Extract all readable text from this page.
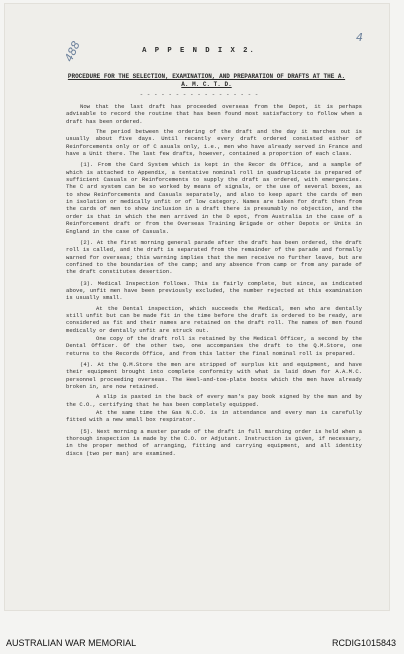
488
4
A P P E N D I X 2.
PROCEDURE FOR THE SELECTION, EXAMINATION, AND PREPARATION OF DRAFTS AT THE A. A. M. C. T. D.
- - - - - - - - - - - - - - - - -

Now that the last draft has proceeded overseas from the Depot, it is perhaps advisable to record the routine that has been found most satisfactory to follow when a draft has been ordered.

The period between the ordering of the draft and the day it marches out is usually about five days. Until recently every draft ordered consisted either of Reinforcements only or of C asuals only, i.e., men who have already served in France and have a Unit there. The last few drafts, however, contained a proportion of each class.

(1). From the Card System which is kept in the Recor ds Office, and a sample of which is attached to Appendix, a tentative nominal roll in quadruplicate is prepared of sufficient Casuals or Reinforcements to supply the draft as ordered, with emergencies. The C ard system can be so worked by means of signals, or the use of several boxes, as to show Reinforcements and Casuals separately, and also to keep apart the cards of men in isolation or medically unfit or of low category. Names are taken for draft then from the cards of men to show inclusion in a draft there is presumably no objection, and the order is that in which the men arrived in the D epot, from Australia in the case of a Reinforcement draft or from the Overseas Training Brigade or other Depots or Units in England in the case of Casuals.

(2). At the first morning general parade after the draft has been ordered, the draft roll is called, and the draft is separated from the remainder of the parade and formally warned for overseas; this warning implies that the men receive no further leave, but are confined to the boundaries of the camp; and any absence from camp or from any parade of the draft constitutes desertion.

(3). Medical Inspection follows. This is fairly complete, but since, as indicated above, unfit men have been previously excluded, the number rejected at this examination is usually small.

At the Dental inspection, which succeeds the Medical, men who are dentally still unfit but can be made fit in the time before the draft is ordered to be ready, are considered as fit and their names are retained on the draft roll. The names of men found medically or dentally unfit are struck out.

One copy of the draft roll is retained by the Medical Officer, a second by the Dental Officer. Of the other two, one accompanies the draft to the Q.M.Store, one returns to the Records Office, and from this latter the final nominal roll is prepared.

(4). At the Q.M.Store the men are stripped of surplus kit and equipment, and have their equipment brought into complete conformity with what is laid down for A.A.M.C. personnel proceeding overseas. The Heel-and-toe-plate boots which the men have already broken in, are now retained.

A slip is pasted in the back of every man's pay book signed by the man and by the C.O., certifying that he has been completely equipped.

At the same time the Gas N.C.O. is in attendance and every man is carefully fitted with a new small box respirator.

(5). Next morning a muster parade of the draft in full marching order is held when a thorough inspection is made by the C.O. or Adjutant. Instruction is given, if necessary, in the proper method of arranging, fitting and carrying equipment, and all identity discs (two per man) are examined.

AUSTRALIAN WAR MEMORIAL	RCDIG1015843
